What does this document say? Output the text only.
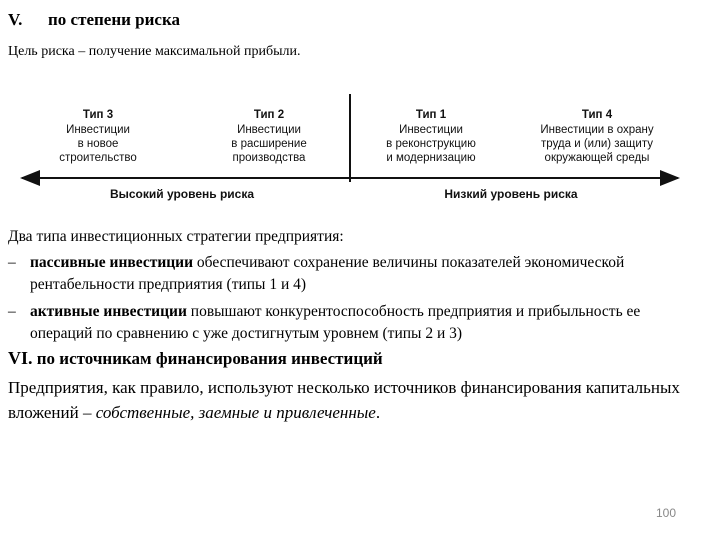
V. по степени риска
Цель риска – получение максимальной прибыли.
Тип 3
Инвестиции
в новое
строительство
Тип 2
Инвестиции
в расширение
производства
Тип 1
Инвестиции
в реконструкцию
и модернизацию
Тип 4
Инвестиции в охрану
труда и (или) защиту
окружающей среды
Высокий уровень риска	Низкий уровень риска
Два типа инвестиционных стратегии предприятия:
– пассивные инвестиции обеспечивают сохранение величины показателей экономической рентабельности предприятия (типы 1 и 4)
– активные инвестиции повышают конкурентоспособность предприятия и прибыльность ее операций по сравнению с уже достигнутым уровнем (типы 2 и 3)
VI. по источникам финансирования инвестиций
Предприятия, как правило, используют несколько источников финансирования капитальных вложений – собственные, заемные и привлеченные.
100
